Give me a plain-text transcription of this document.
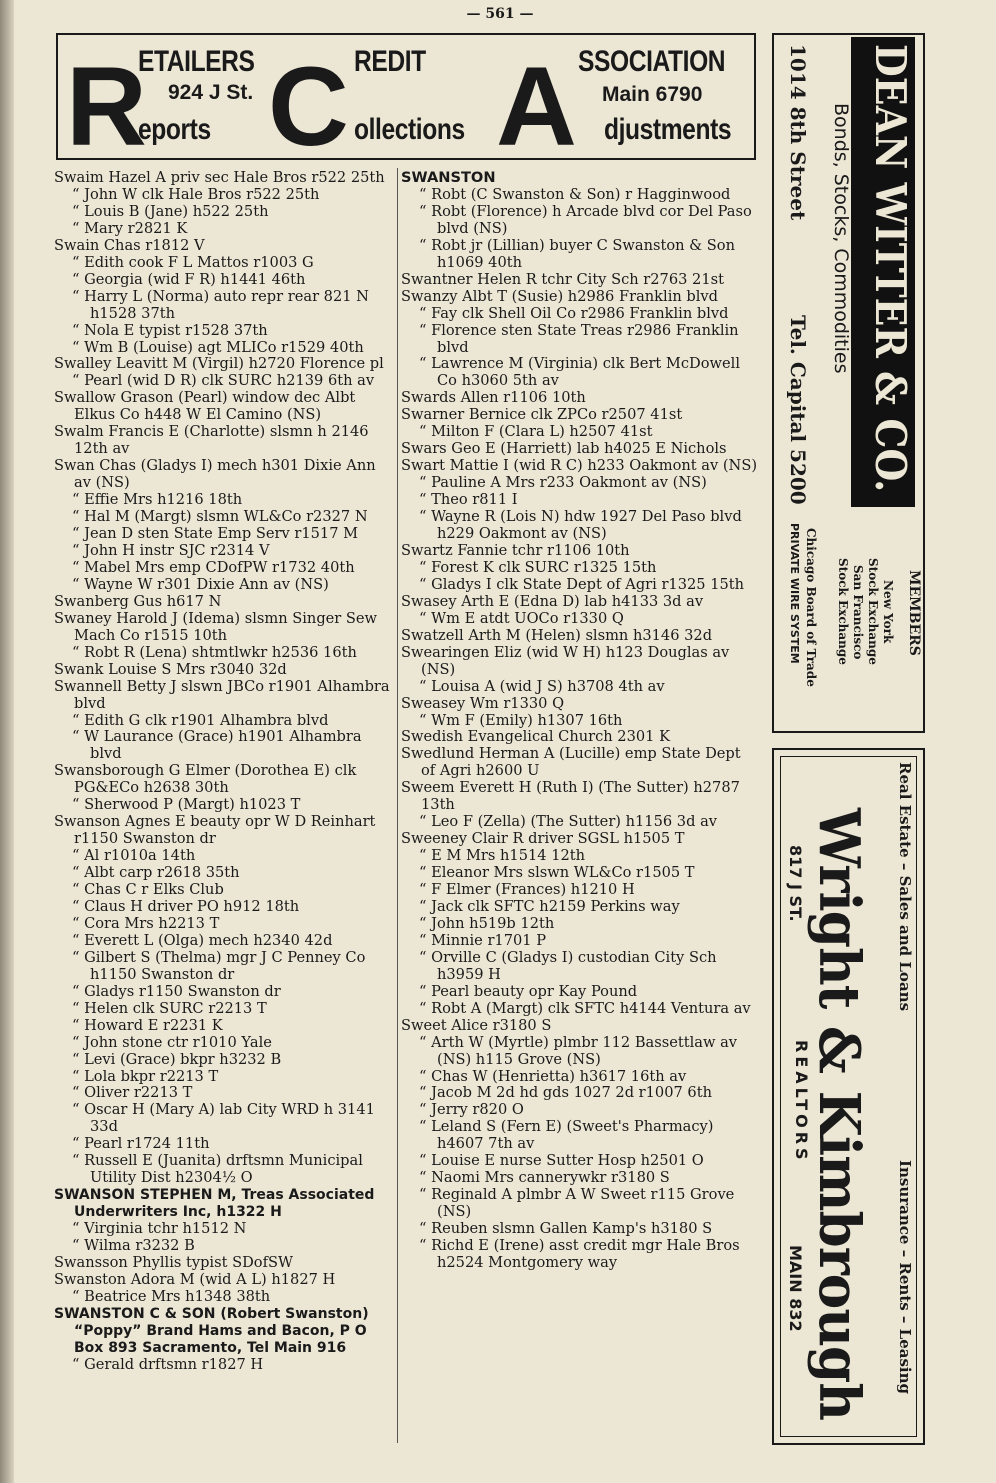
— 561 —
R
ETAILERS
924 J St.
eports C REDIT
ollections A SSOCIATION
Main 6790
djustments

Swaim Hazel A priv sec Hale Bros r522 25th

“ John W clk Hale Bros r522 25th

“ Louis B (Jane) h522 25th

“ Mary r2821 K

Swain Chas r1812 V

“ Edith cook F L Mattos r1003 G

“ Georgia (wid F R) h1441 46th

“ Harry L (Norma) auto repr rear 821 N h1528 37th

“ Nola E typist r1528 37th

“ Wm B (Louise) agt MLICo r1529 40th

Swalley Leavitt M (Virgil) h2720 Florence pl

“ Pearl (wid D R) clk SURC h2139 6th av

Swallow Grason (Pearl) window dec Albt Elkus Co h448 W El Camino (NS)

Swalm Francis E (Charlotte) slsmn h 2146 12th av

Swan Chas (Gladys I) mech h301 Dixie Ann av (NS)

“ Effie Mrs h1216 18th

“ Hal M (Margt) slsmn WL&Co r2327 N

“ Jean D sten State Emp Serv r1517 M

“ John H instr SJC r2314 V

“ Mabel Mrs emp CDofPW r1732 40th

“ Wayne W r301 Dixie Ann av (NS)

Swanberg Gus h617 N

Swaney Harold J (Idema) slsmn Singer Sew Mach Co r1515 10th

“ Robt R (Lena) shtmtlwkr h2536 16th

Swank Louise S Mrs r3040 32d

Swannell Betty J slswn JBCo r1901 Alhambra blvd

“ Edith G clk r1901 Alhambra blvd

“ W Laurance (Grace) h1901 Alhambra blvd

Swansborough G Elmer (Dorothea E) clk PG&ECo h2638 30th

“ Sherwood P (Margt) h1023 T

Swanson Agnes E beauty opr W D Reinhart r1150 Swanston dr

“ Al r1010a 14th

“ Albt carp r2618 35th

“ Chas C r Elks Club

“ Claus H driver PO h912 18th

“ Cora Mrs h2213 T

“ Everett L (Olga) mech h2340 42d

“ Gilbert S (Thelma) mgr J C Penney Co h1150 Swanston dr

“ Gladys r1150 Swanston dr

“ Helen clk SURC r2213 T

“ Howard E r2231 K

“ John stone ctr r1010 Yale

“ Levi (Grace) bkpr h3232 B

“ Lola bkpr r2213 T

“ Oliver r2213 T

“ Oscar H (Mary A) lab City WRD h 3141 33d

“ Pearl r1724 11th

“ Russell E (Juanita) drftsmn Municipal Utility Dist h2304½ O

SWANSON STEPHEN M, Treas Associated Underwriters Inc, h1322 H

“ Virginia tchr h1512 N

“ Wilma r3232 B

Swansson Phyllis typist SDofSW

Swanston Adora M (wid A L) h1827 H

“ Beatrice Mrs h1348 38th

SWANSTON C & SON (Robert Swanston) “Poppy” Brand Hams and Bacon, P O Box 893 Sacramento, Tel Main 916

“ Gerald drftsmn r1827 H

SWANSTON

“ Robt (C Swanston & Son) r Hagginwood

“ Robt (Florence) h Arcade blvd cor Del Paso blvd (NS)

“ Robt jr (Lillian) buyer C Swanston & Son h1069 40th

Swantner Helen R tchr City Sch r2763 21st

Swanzy Albt T (Susie) h2986 Franklin blvd

“ Fay clk Shell Oil Co r2986 Franklin blvd

“ Florence sten State Treas r2986 Franklin blvd

“ Lawrence M (Virginia) clk Bert McDowell Co h3060 5th av

Swards Allen r1106 10th

Swarner Bernice clk ZPCo r2507 41st

“ Milton F (Clara L) h2507 41st

Swars Geo E (Harriett) lab h4025 E Nichols

Swart Mattie I (wid R C) h233 Oakmont av (NS)

“ Pauline A Mrs r233 Oakmont av (NS)

“ Theo r811 I

“ Wayne R (Lois N) hdw 1927 Del Paso blvd h229 Oakmont av (NS)

Swartz Fannie tchr r1106 10th

“ Forest K clk SURC r1325 15th

“ Gladys I clk State Dept of Agri r1325 15th

Swasey Arth E (Edna D) lab h4133 3d av

“ Wm E atdt UOCo r1330 Q

Swatzell Arth M (Helen) slsmn h3146 32d

Swearingen Eliz (wid W H) h123 Douglas av (NS)

“ Louisa A (wid J S) h3708 4th av

Sweasey Wm r1330 Q

“ Wm F (Emily) h1307 16th

Swedish Evangelical Church 2301 K

Swedlund Herman A (Lucille) emp State Dept of Agri h2600 U

Sweem Everett H (Ruth I) (The Sutter) h2787 13th

“ Leo F (Zella) (The Sutter) h1156 3d av

Sweeney Clair R driver SGSL h1505 T

“ E M Mrs h1514 12th

“ Eleanor Mrs slswn WL&Co r1505 T

“ F Elmer (Frances) h1210 H

“ Jack clk SFTC h2159 Perkins way

“ John h519b 12th

“ Minnie r1701 P

“ Orville C (Gladys I) custodian City Sch h3959 H

“ Pearl beauty opr Kay Pound

“ Robt A (Margt) clk SFTC h4144 Ventura av

Sweet Alice r3180 S

“ Arth W (Myrtle) plmbr 112 Bassettlaw av (NS) h115 Grove (NS)

“ Chas W (Henrietta) h3617 16th av

“ Jacob M 2d hd gds 1027 2d r1007 6th

“ Jerry r820 O

“ Leland S (Fern E) (Sweet's Pharmacy) h4607 7th av

“ Louise E nurse Sutter Hosp h2501 O

“ Naomi Mrs cannerywkr r3180 S

“ Reginald A plmbr A W Sweet r115 Grove (NS)

“ Reuben slsmn Gallen Kamp's h3180 S

“ Richd E (Irene) asst credit mgr Hale Bros h2524 Montgomery way

DEAN WITTER & CO.
Bonds, Stocks, Commodities
1014 8th Street
Tel. Capital 5200
MEMBERS
New York
Stock Exchange
San Francisco
Stock Exchange
Chicago Board of Trade
PRIVATE WIRE SYSTEM
Real Estate – Sales and Loans
Wright & Kimbrough
817 J ST.
REALTORS
MAIN 832	Insurance – Rents – Leasing
